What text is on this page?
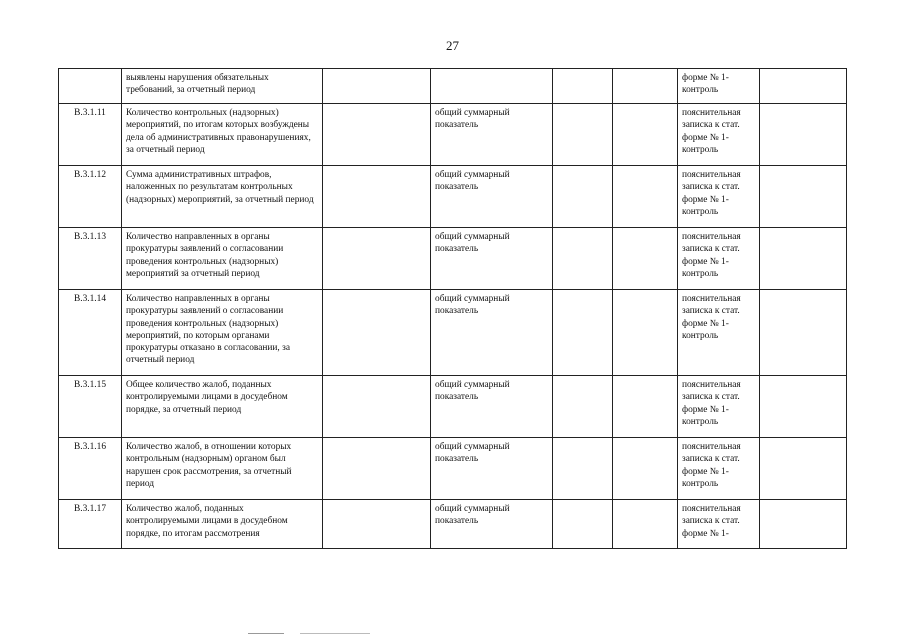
27
	выявлены нарушения обязательных требований, за отчетный период					форме № 1-контроль	
В.3.1.11	Количество контрольных (надзорных) мероприятий, по итогам которых возбуждены дела об административных правонарушениях, за отчетный период		общий суммарный показатель			пояснительная записка к стат. форме № 1-контроль	
В.3.1.12	Сумма административных штрафов, наложенных по результатам контрольных (надзорных) мероприятий, за отчетный период		общий суммарный показатель			пояснительная записка к стат. форме № 1-контроль	
В.3.1.13	Количество направленных в органы прокуратуры заявлений о согласовании проведения контрольных (надзорных) мероприятий за отчетный период		общий суммарный показатель			пояснительная записка к стат. форме № 1-контроль	
В.3.1.14	Количество направленных в органы прокуратуры заявлений о согласовании проведения контрольных (надзорных) мероприятий, по которым органами прокуратуры отказано в согласовании, за отчетный период		общий суммарный показатель			пояснительная записка к стат. форме № 1-контроль	
В.3.1.15	Общее количество жалоб, поданных контролируемыми лицами в досудебном порядке, за отчетный период		общий суммарный показатель			пояснительная записка к стат. форме № 1-контроль	
В.3.1.16	Количество жалоб, в отношении которых контрольным (надзорным) органом был нарушен срок рассмотрения, за отчетный период		общий суммарный показатель			пояснительная записка к стат. форме № 1-контроль	
В.3.1.17	Количество жалоб, поданных контролируемыми лицами в досудебном порядке, по итогам рассмотрения		общий суммарный показатель			пояснительная записка к стат. форме № 1-	
